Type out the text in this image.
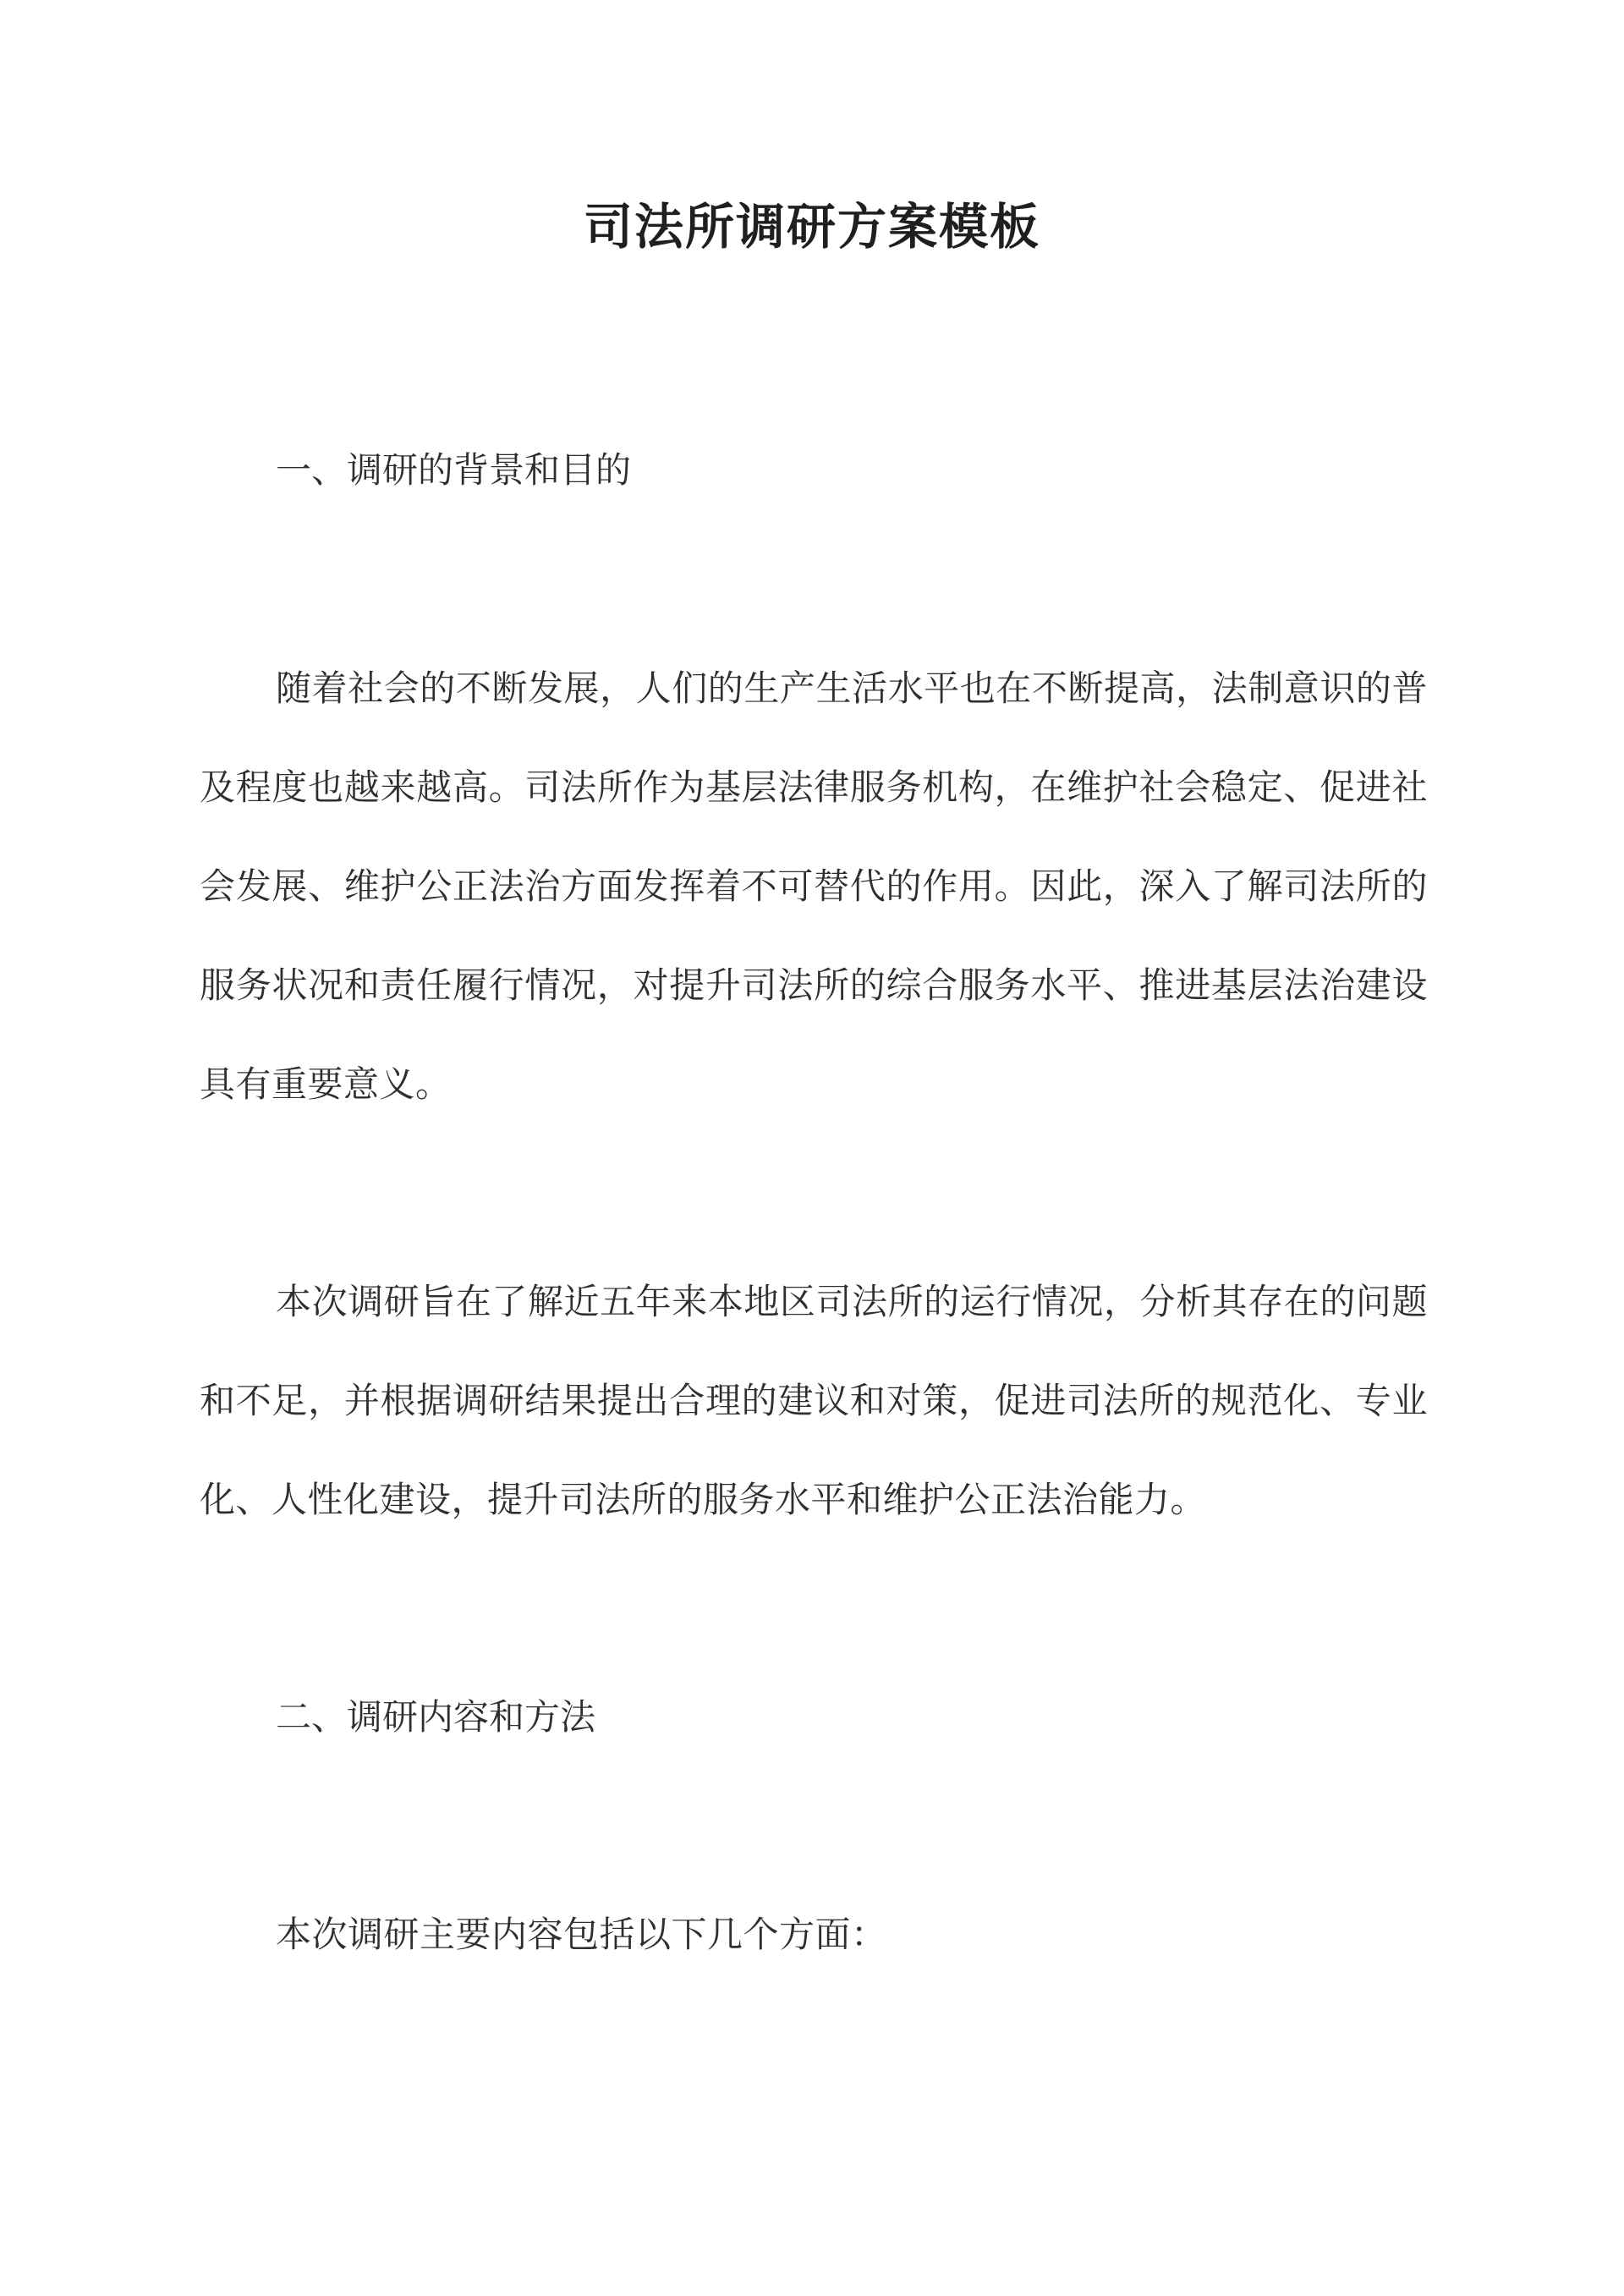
司法所调研方案模板
一、调研的背景和目的

随着社会的不断发展，人们的生产生活水平也在不断提高，法制意识的普及程度也越来越高。司法所作为基层法律服务机构，在维护社会稳定、促进社会发展、维护公正法治方面发挥着不可替代的作用。因此，深入了解司法所的服务状况和责任履行情况，对提升司法所的综合服务水平、推进基层法治建设具有重要意义。

本次调研旨在了解近五年来本地区司法所的运行情况，分析其存在的问题和不足，并根据调研结果提出合理的建议和对策，促进司法所的规范化、专业化、人性化建设，提升司法所的服务水平和维护公正法治能力。

二、调研内容和方法

本次调研主要内容包括以下几个方面：
